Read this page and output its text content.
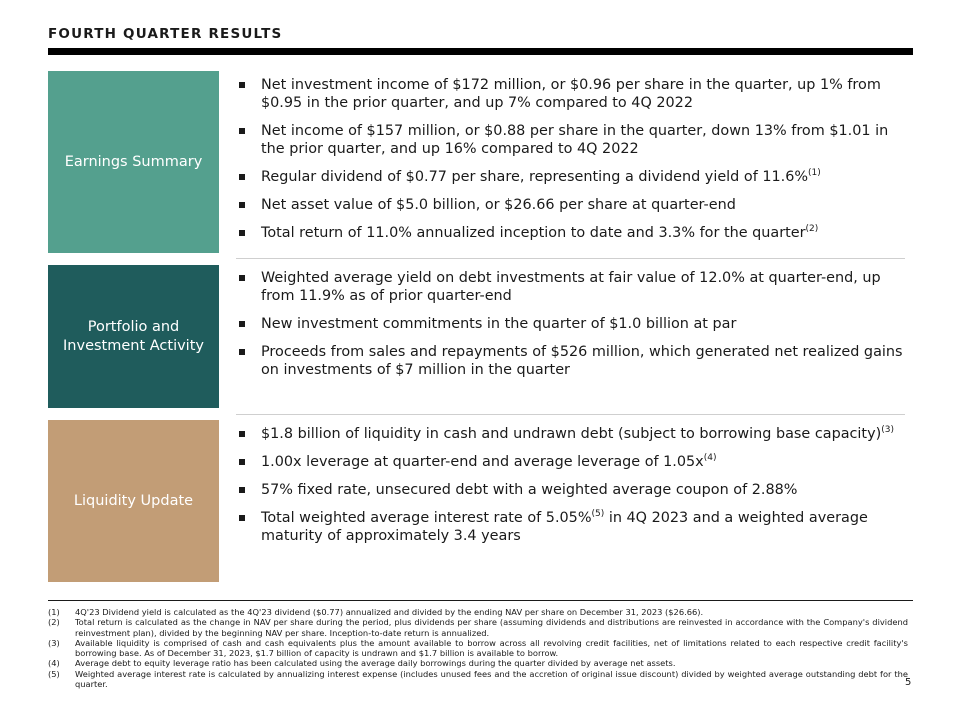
FOURTH QUARTER RESULTS
Earnings Summary
Net investment income of $172 million, or $0.96 per share in the quarter, up 1% from $0.95 in the prior quarter, and up 7% compared to 4Q 2022
Net income of $157 million, or $0.88 per share in the quarter, down 13% from $1.01 in the prior quarter, and up 16% compared to 4Q 2022
Regular dividend of $0.77 per share, representing a dividend yield of 11.6%$^{(1)}$
Net asset value of $5.0 billion, or $26.66 per share at quarter-end
Total return of 11.0% annualized inception to date and 3.3% for the quarter$^{(2)}$
Portfolio and Investment Activity
Weighted average yield on debt investments at fair value of 12.0% at quarter-end, up from 11.9% as of prior quarter-end
New investment commitments in the quarter of $1.0 billion at par
Proceeds from sales and repayments of $526 million, which generated net realized gains on investments of $7 million in the quarter
Liquidity Update
$1.8 billion of liquidity in cash and undrawn debt (subject to borrowing base capacity)$^{(3)}$
1.00x leverage at quarter-end and average leverage of $1.05x^{(4)}$
57% fixed rate, unsecured debt with a weighted average coupon of 2.88%
Total weighted average interest rate of 5.05%$^{(5)}$ in 4Q 2023 and a weighted average maturity of approximately 3.4 years
(1) 4Q'23 Dividend yield is calculated as the 4Q'23 dividend ($0.77) annualized and divided by the ending NAV per share on December 31, 2023 ($26.66).
(2) Total return is calculated as the change in NAV per share during the period, plus dividends per share (assuming dividends and distributions are reinvested in accordance with the Company's dividend reinvestment plan), divided by the beginning NAV per share. Inception-to-date return is annualized.
(3) Available liquidity is comprised of cash and cash equivalents plus the amount available to borrow across all revolving credit facilities, net of limitations related to each respective credit facility's borrowing base. As of December 31, 2023, $1.7 billion of capacity is undrawn and $1.7 billion is available to borrow.
(4) Average debt to equity leverage ratio has been calculated using the average daily borrowings during the quarter divided by average net assets.
(5) Weighted average interest rate is calculated by annualizing interest expense (includes unused fees and the accretion of original issue discount) divided by weighted average outstanding debt for the quarter.	5
